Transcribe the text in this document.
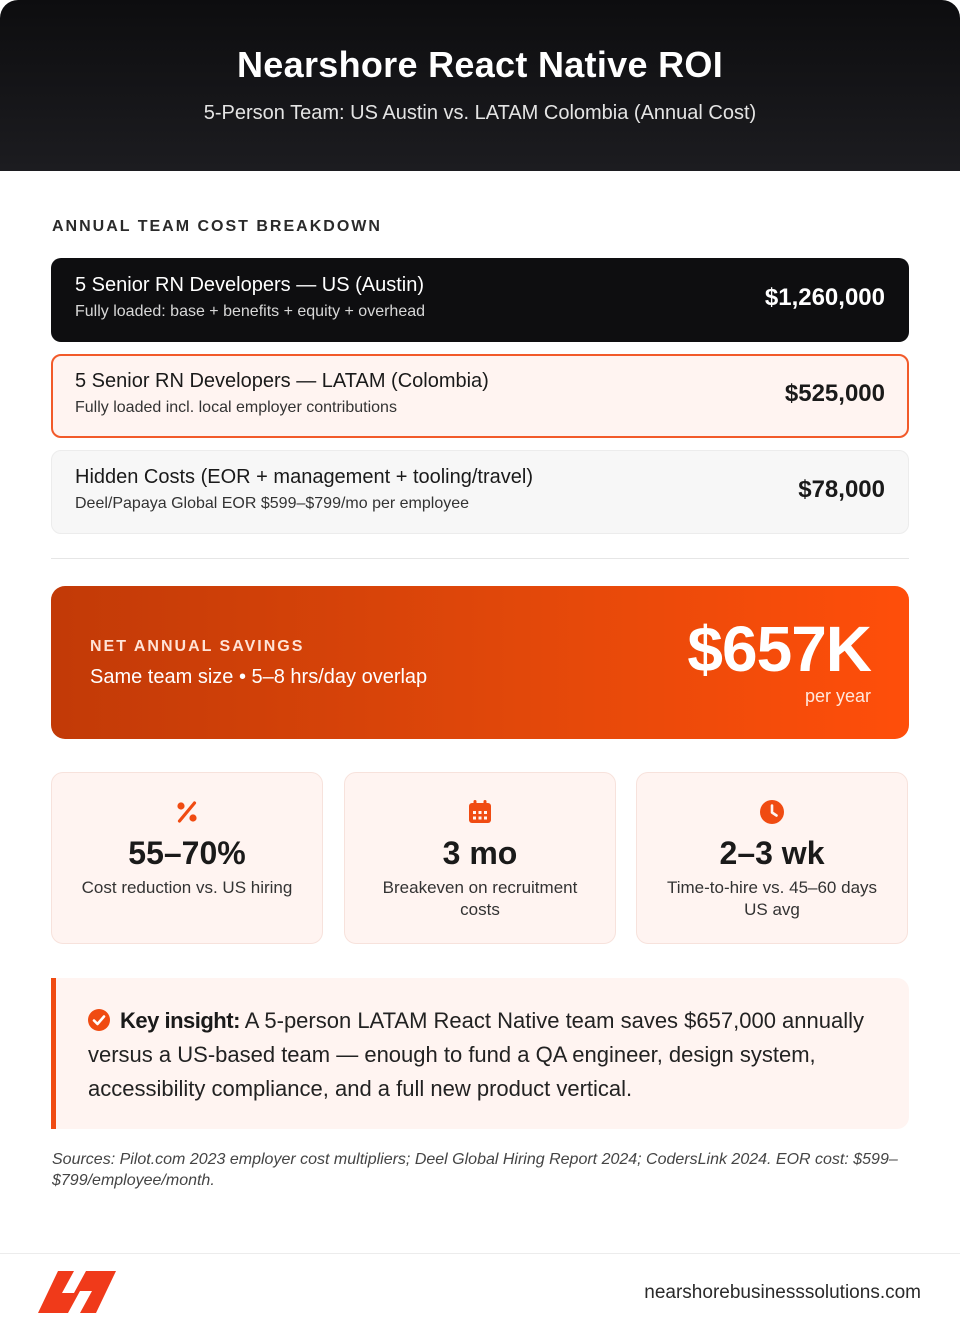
Nearshore React Native ROI
5-Person Team: US Austin vs. LATAM Colombia (Annual Cost)
ANNUAL TEAM COST BREAKDOWN
5 Senior RN Developers — US (Austin)
Fully loaded: base + benefits + equity + overhead
$1,260,000
5 Senior RN Developers — LATAM (Colombia)
Fully loaded incl. local employer contributions
$525,000
Hidden Costs (EOR + management + tooling/travel)
Deel/Papaya Global EOR $599–$799/mo per employee
$78,000
NET ANNUAL SAVINGS
Same team size • 5–8 hrs/day overlap	$657K
per year
55–70%
Cost reduction vs. US hiring
3 mo
Breakeven on recruitment costs
2–3 wk
Time-to-hire vs. 45–60 days US avg
Key insight: A 5-person LATAM React Native team saves $657,000 annually versus a US-based team — enough to fund a QA engineer, design system, accessibility compliance, and a full new product vertical.
Sources: Pilot.com 2023 employer cost multipliers; Deel Global Hiring Report 2024; CodersLink 2024. EOR cost: $599–$799/employee/month.
nearshorebusinesssolutions.com
